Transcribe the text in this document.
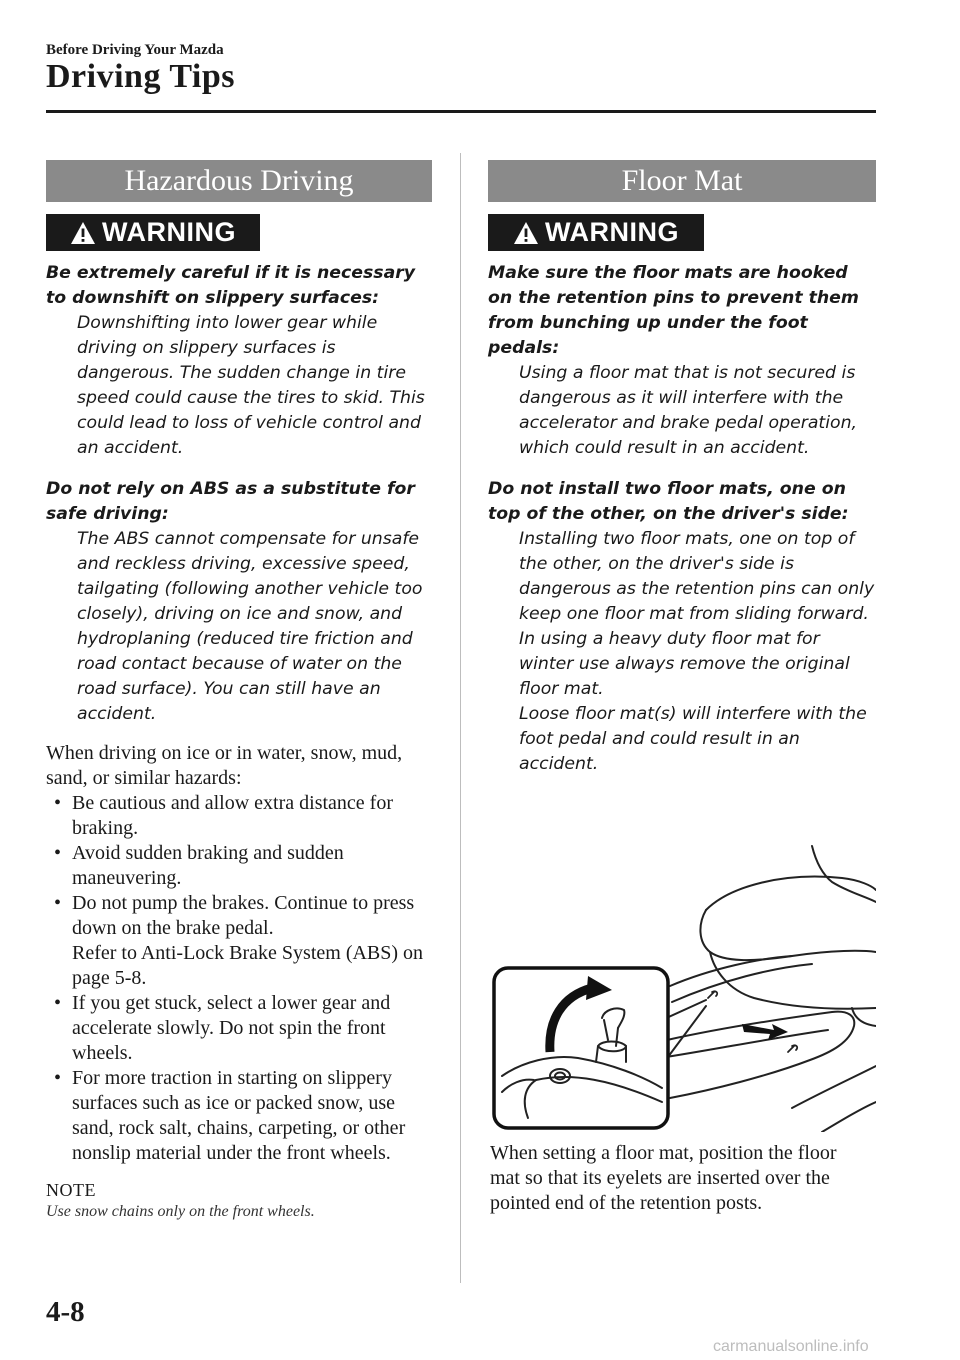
Before Driving Your Mazda
Driving Tips
Hazardous Driving
WARNING
Be extremely careful if it is necessary to downshift on slippery surfaces:
Downshifting into lower gear while driving on slippery surfaces is dangerous. The sudden change in tire speed could cause the tires to skid. This could lead to loss of vehicle control and an accident.
Do not rely on ABS as a substitute for safe driving:
The ABS cannot compensate for unsafe and reckless driving, excessive speed, tailgating (following another vehicle too closely), driving on ice and snow, and hydroplaning (reduced tire friction and road contact because of water on the road surface). You can still have an accident.
When driving on ice or in water, snow, mud, sand, or similar hazards:
• Be cautious and allow extra distance for braking.
• Avoid sudden braking and sudden maneuvering.
• Do not pump the brakes. Continue to press down on the brake pedal.
Refer to Anti-Lock Brake System (ABS) on page 5-8.
• If you get stuck, select a lower gear and accelerate slowly. Do not spin the front wheels.
• For more traction in starting on slippery surfaces such as ice or packed snow, use sand, rock salt, chains, carpeting, or other nonslip material under the front wheels.
NOTE
Use snow chains only on the front wheels.
Floor Mat
WARNING
Make sure the floor mats are hooked on the retention pins to prevent them from bunching up under the foot pedals:
Using a floor mat that is not secured is dangerous as it will interfere with the accelerator and brake pedal operation, which could result in an accident.
Do not install two floor mats, one on top of the other, on the driver's side:
Installing two floor mats, one on top of the other, on the driver's side is dangerous as the retention pins can only keep one floor mat from sliding forward.
In using a heavy duty floor mat for winter use always remove the original floor mat.
Loose floor mat(s) will interfere with the foot pedal and could result in an accident.
When setting a floor mat, position the floor mat so that its eyelets are inserted over the pointed end of the retention posts.
4-8
carmanualsonline.info
